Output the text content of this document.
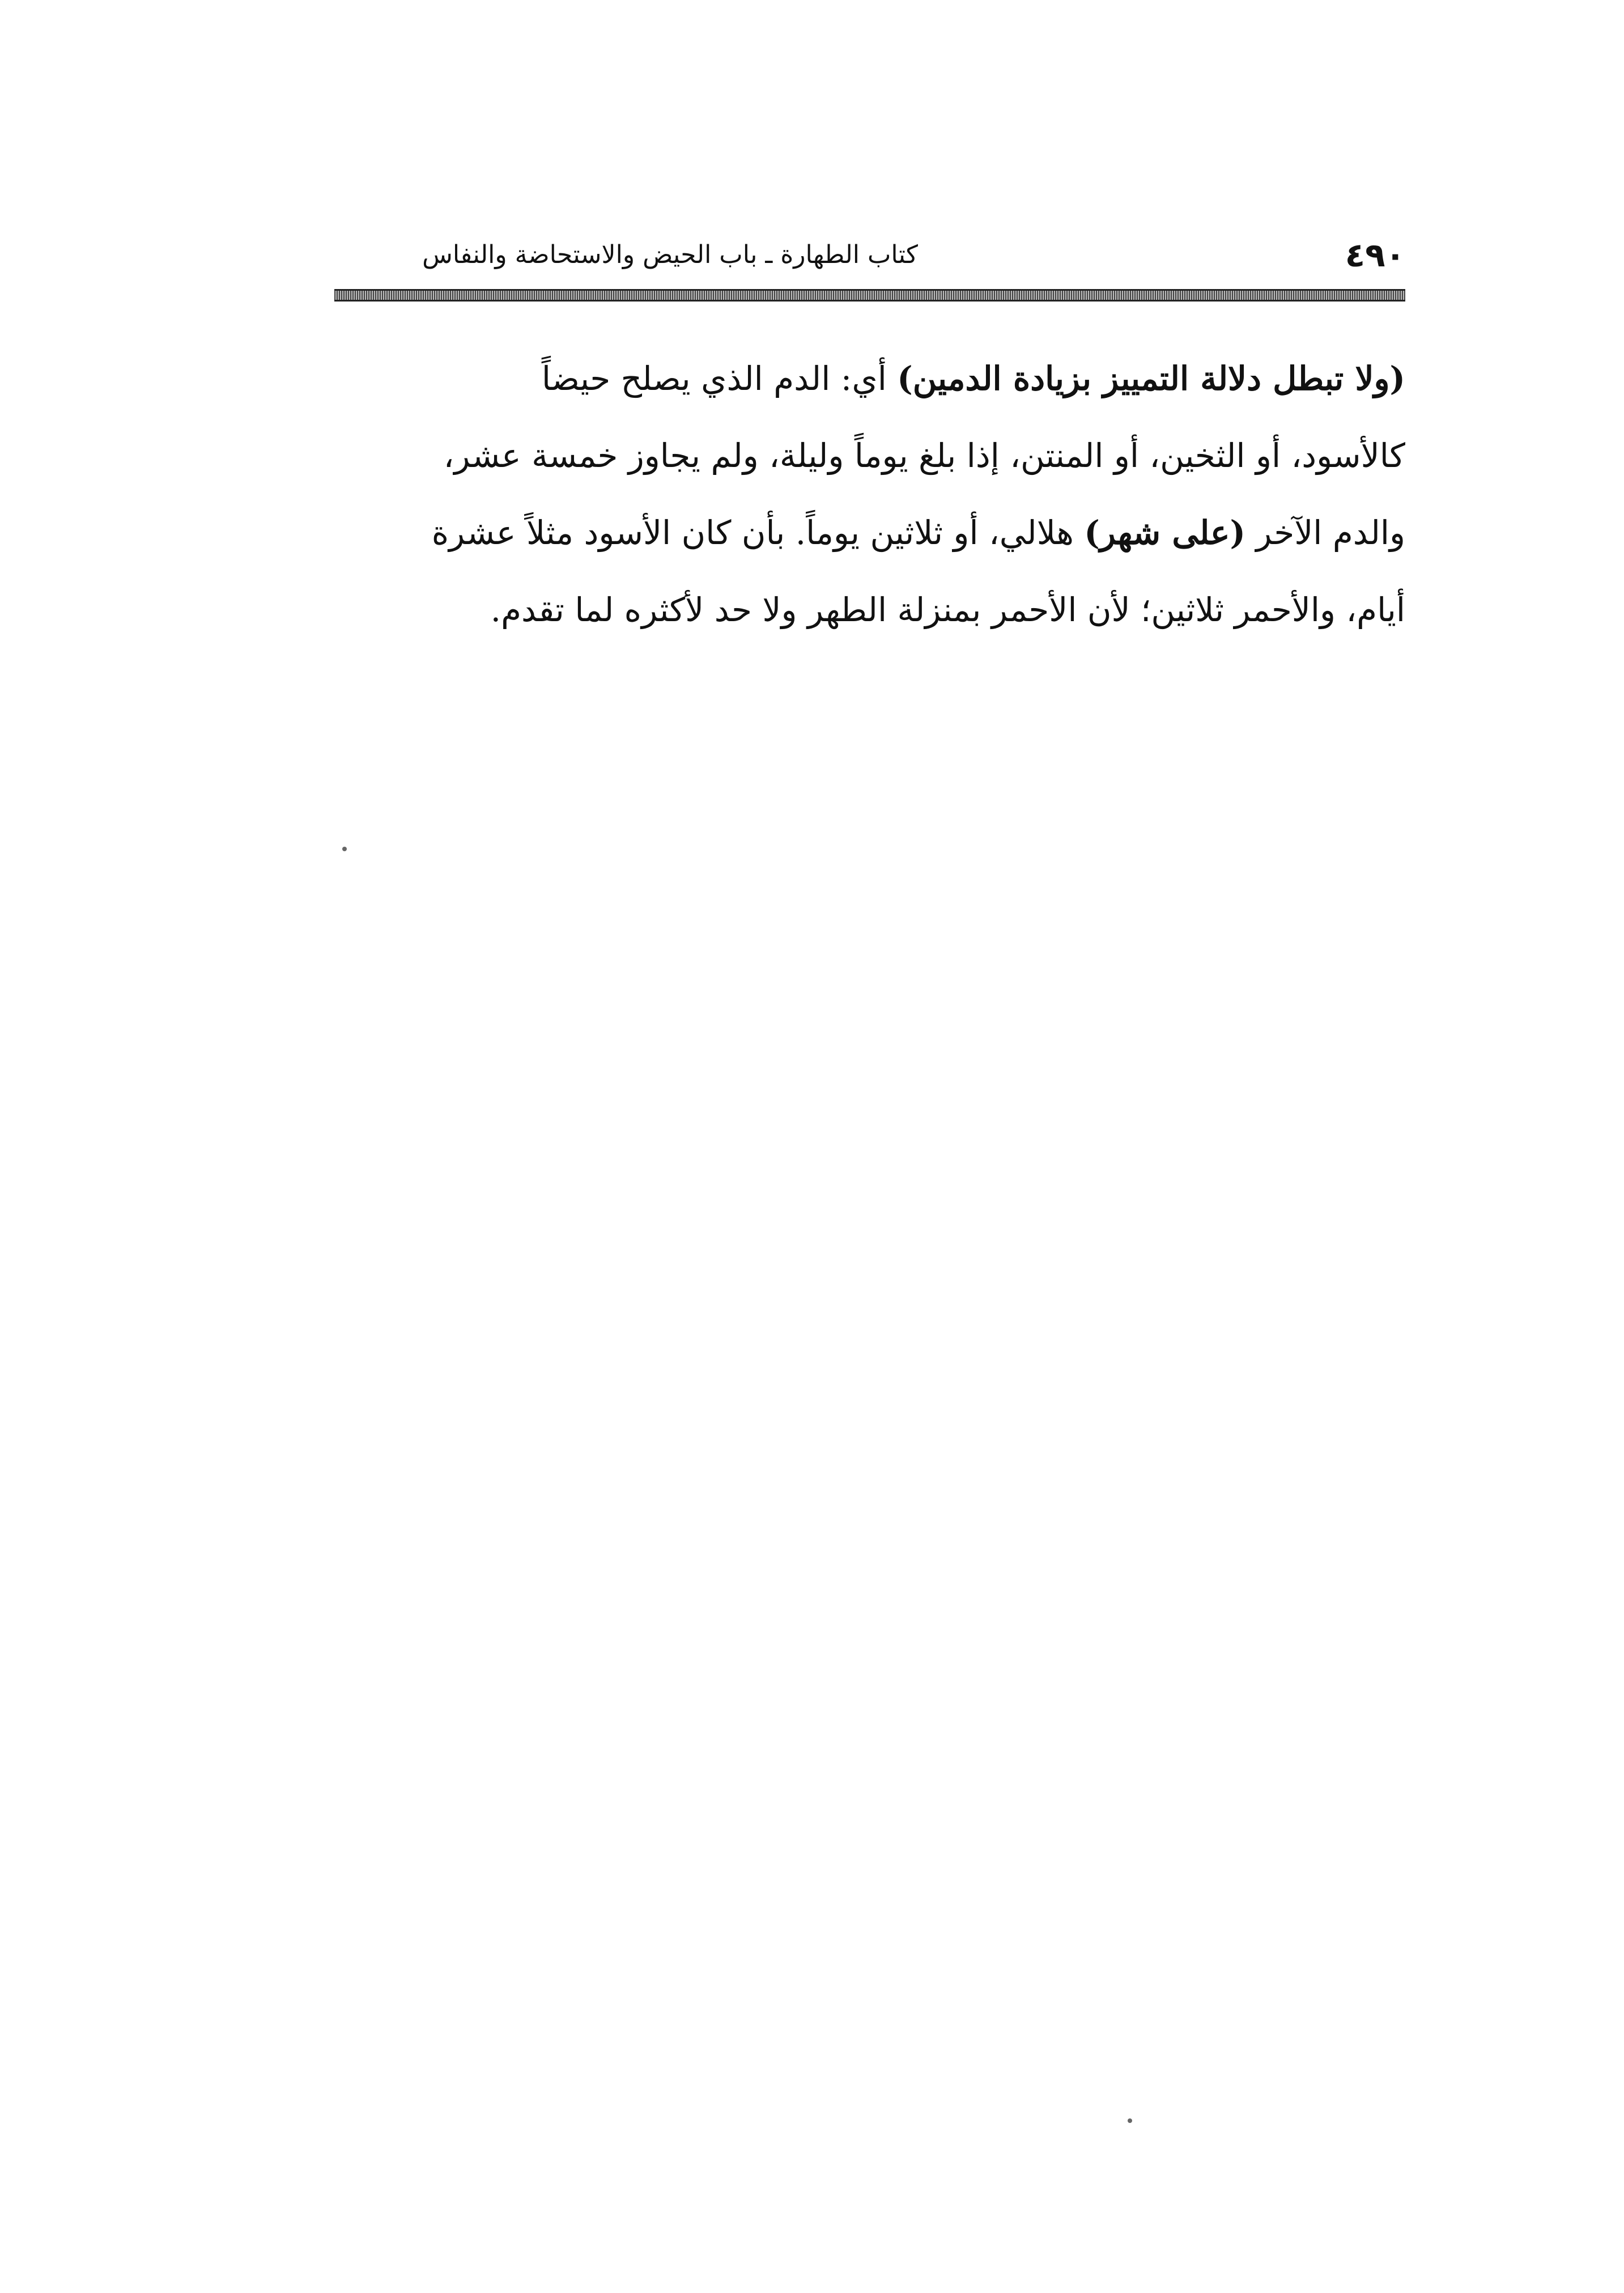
كتاب الطهارة ـ باب الحيض والاستحاضة والنفاس	٤٩٠
(ولا تبطل دلالة التمييز بزيادة الدمين) أي: الدم الذي يصلح حيضاً
كالأسود، أو الثخين، أو المنتن، إذا بلغ يوماً وليلة، ولم يجاوز خمسة عشر،
والدم الآخر (على شهر) هلالي، أو ثلاثين يوماً. بأن كان الأسود مثلاً عشرة
أيام، والأحمر ثلاثين؛ لأن الأحمر بمنزلة الطهر ولا حد لأكثره لما تقدم.
